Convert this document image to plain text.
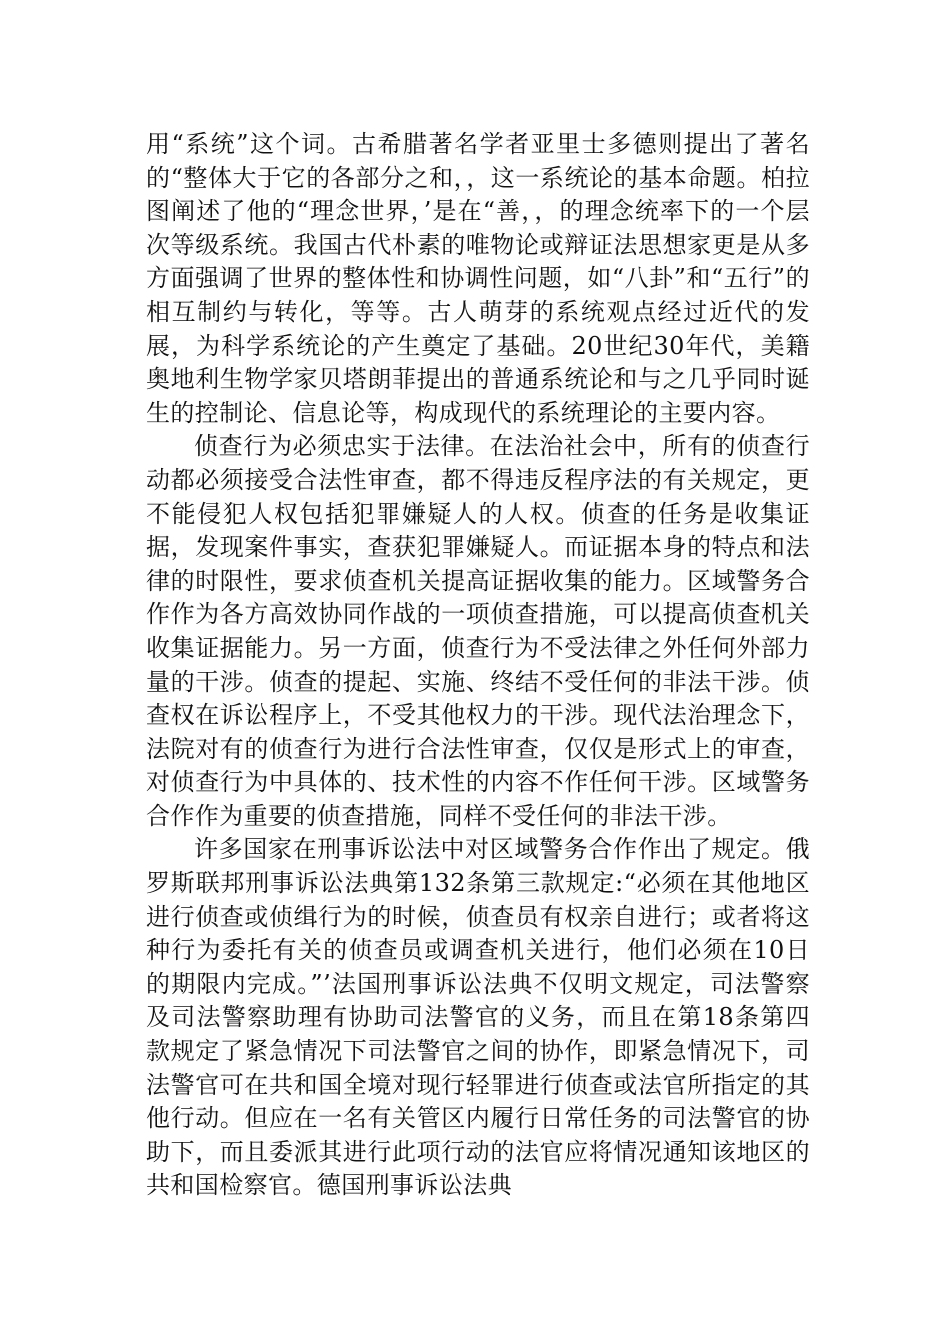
用“系统”这个词。古希腊著名学者亚里士多德则提出了著名的“整体大于它的各部分之和，，这一系统论的基本命题。柏拉图阐述了他的“理念世界，’是在“善，，的理念统率下的一个层次等级系统。我国古代朴素的唯物论或辩证法思想家更是从多方面强调了世界的整体性和协调性问题，如“八卦”和“五行”的相互制约与转化，等等。古人萌芽的系统观点经过近代的发展，为科学系统论的产生奠定了基础。20世纪30年代，美籍奥地利生物学家贝塔朗菲提出的普通系统论和与之几乎同时诞生的控制论、信息论等，构成现代的系统理论的主要内容。

侦查行为必须忠实于法律。在法治社会中，所有的侦查行动都必须接受合法性审查，都不得违反程序法的有关规定，更不能侵犯人权包括犯罪嫌疑人的人权。侦查的任务是收集证据，发现案件事实，查获犯罪嫌疑人。而证据本身的特点和法律的时限性，要求侦查机关提高证据收集的能力。区域警务合作作为各方高效协同作战的一项侦查措施，可以提高侦查机关收集证据能力。另一方面，侦查行为不受法律之外任何外部力量的干涉。侦查的提起、实施、终结不受任何的非法干涉。侦查权在诉讼程序上，不受其他权力的干涉。现代法治理念下，法院对有的侦查行为进行合法性审查，仅仅是形式上的审查，对侦查行为中具体的、技术性的内容不作任何干涉。区域警务合作作为重要的侦查措施，同样不受任何的非法干涉。

许多国家在刑事诉讼法中对区域警务合作作出了规定。俄罗斯联邦刑事诉讼法典第132条第三款规定:“必须在其他地区进行侦查或侦缉行为的时候，侦查员有权亲自进行；或者将这种行为委托有关的侦查员或调查机关进行，他们必须在10日的期限内完成。”’法国刑事诉讼法典不仅明文规定，司法警察及司法警察助理有协助司法警官的义务，而且在第18条第四款规定了紧急情况下司法警官之间的协作，即紧急情况下，司法警官可在共和国全境对现行轻罪进行侦查或法官所指定的其他行动。但应在一名有关管区内履行日常任务的司法警官的协助下，而且委派其进行此项行动的法官应将情况通知该地区的共和国检察官。德国刑事诉讼法典
